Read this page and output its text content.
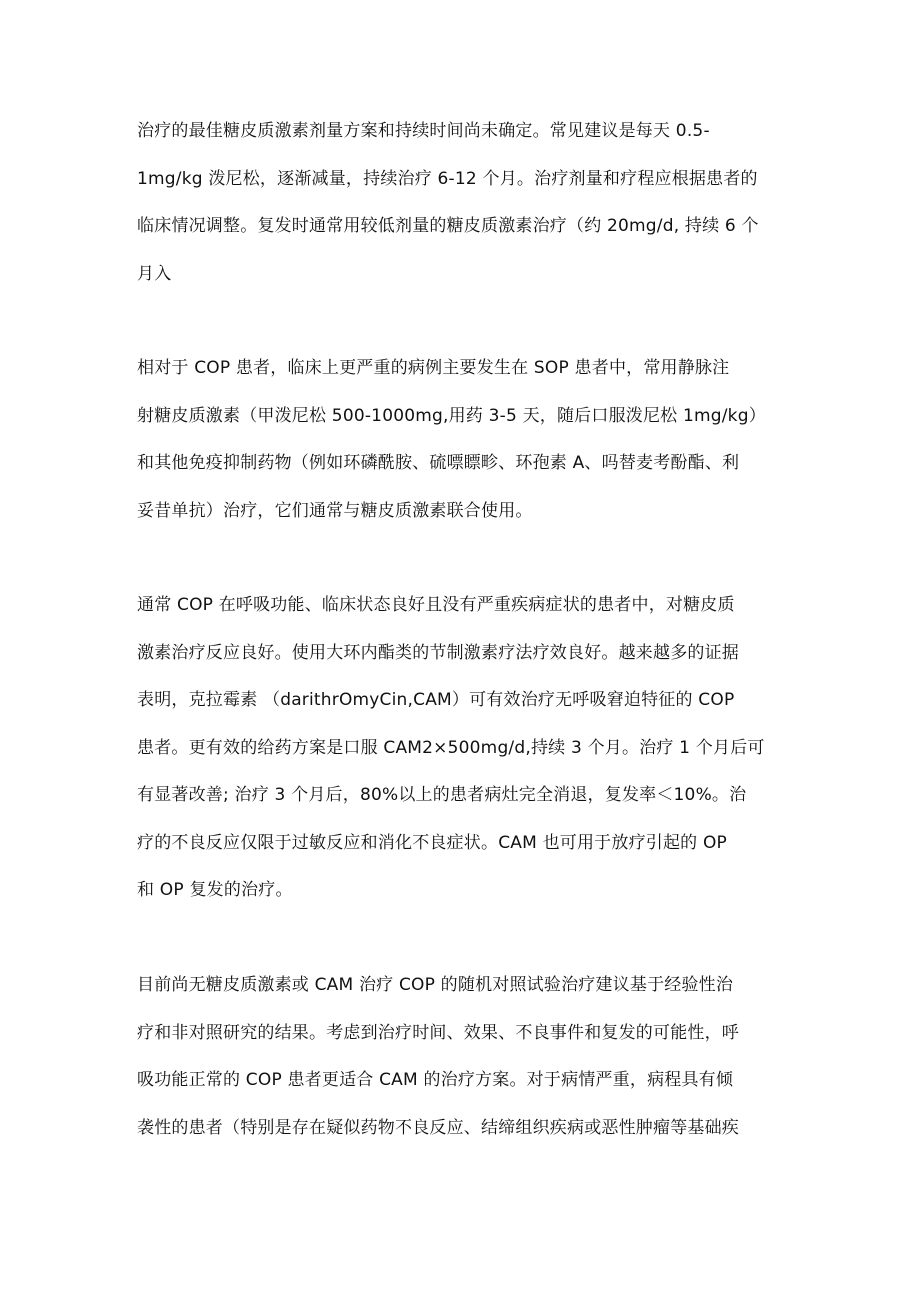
治疗的最佳糖皮质激素剂量方案和持续时间尚未确定。常见建议是每天 0.5-
1mg/kg 泼尼松，逐渐减量，持续治疗 6-12 个月。治疗剂量和疗程应根据患者的
临床情况调整。复发时通常用较低剂量的糖皮质激素治疗（约 20mg/d, 持续 6 个
月入

相对于 COP 患者，临床上更严重的病例主要发生在 SOP 患者中，常用静脉注
射糖皮质激素（甲泼尼松 500-1000mg,用药 3-5 天，随后口服泼尼松 1mg/kg）
和其他免疫抑制药物（例如环磷酰胺、硫嘌瞟畛、环孢素 A、吗替麦考酚酯、利
妥昔单抗）治疗，它们通常与糖皮质激素联合使用。

通常 COP 在呼吸功能、临床状态良好且没有严重疾病症状的患者中，对糖皮质
激素治疗反应良好。使用大环内酯类的节制激素疗法疗效良好。越来越多的证据
表明，克拉霉素 （darithrOmyCin,CAM）可有效治疗无呼吸窘迫特征的 COP
患者。更有效的给药方案是口服 CAM2×500mg/d,持续 3 个月。治疗 1 个月后可
有显著改善; 治疗 3 个月后，80%以上的患者病灶完全消退，复发率＜10%。治
疗的不良反应仅限于过敏反应和消化不良症状。CAM 也可用于放疗引起的 OP
和 OP 复发的治疗。

目前尚无糖皮质激素或 CAM 治疗 COP 的随机对照试验治疗建议基于经验性治
疗和非对照研究的结果。考虑到治疗时间、效果、不良事件和复发的可能性，呼
吸功能正常的 COP 患者更适合 CAM 的治疗方案。对于病情严重，病程具有倾
袭性的患者（特别是存在疑似药物不良反应、结缔组织疾病或恶性肿瘤等基础疾
